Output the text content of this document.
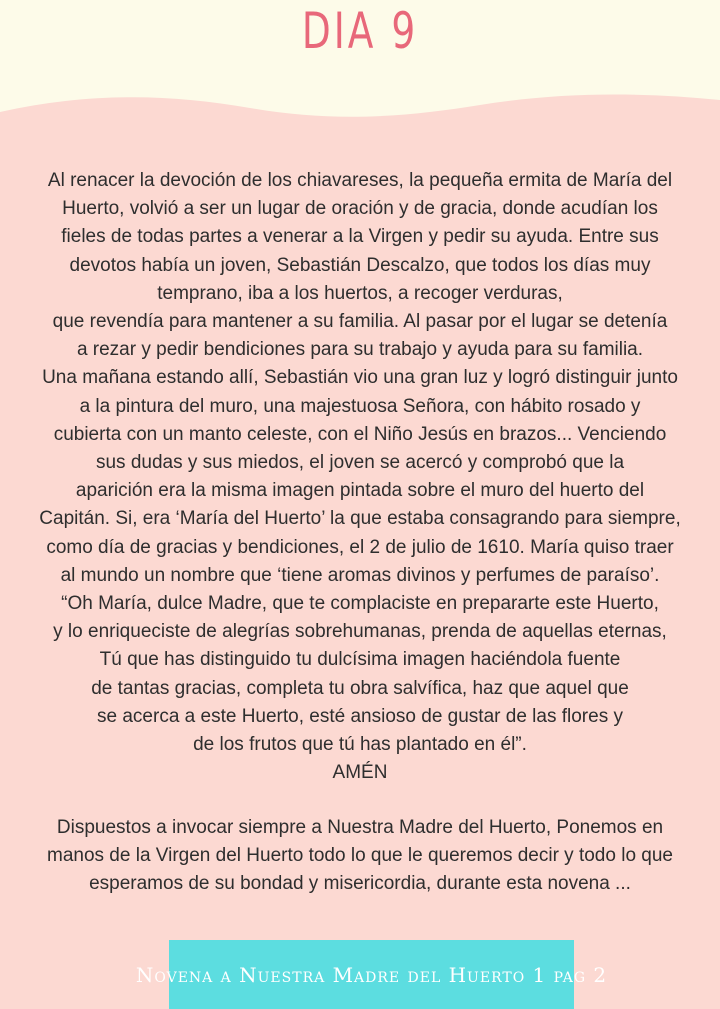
DIA 9
Al renacer la devoción de los chiavareses, la pequeña ermita de María del
Huerto, volvió a ser un lugar de oración y de gracia, donde acudían los
fieles de todas partes a venerar a la Virgen y pedir su ayuda. Entre sus
devotos había un joven, Sebastián Descalzo, que todos los días muy
temprano, iba a los huertos, a recoger verduras,
que revendía para mantener a su familia. Al pasar por el lugar se detenía
a rezar y pedir bendiciones para su trabajo y ayuda para su familia.
Una mañana estando allí, Sebastián vio una gran luz y logró distinguir junto
a la pintura del muro, una majestuosa Señora, con hábito rosado y
cubierta con un manto celeste, con el Niño Jesús en brazos... Venciendo
sus dudas y sus miedos, el joven se acercó y comprobó que la
aparición era la misma imagen pintada sobre el muro del huerto del
Capitán. Si, era ‘María del Huerto’ la que estaba consagrando para siempre,
como día de gracias y bendiciones, el 2 de julio de 1610. María quiso traer
al mundo un nombre que ‘tiene aromas divinos y perfumes de paraíso’.
“Oh María, dulce Madre, que te complaciste en prepararte este Huerto,
y lo enriqueciste de alegrías sobrehumanas, prenda de aquellas eternas,
Tú que has distinguido tu dulcísima imagen haciéndola fuente
de tantas gracias, completa tu obra salvífica, haz que aquel que
se acerca a este Huerto, esté ansioso de gustar de las flores y
de los frutos que tú has plantado en él”.
AMÉN
Dispuestos a invocar siempre a Nuestra Madre del Huerto, Ponemos en
manos de la Virgen del Huerto todo lo que le queremos decir y todo lo que
esperamos de su bondad y misericordia, durante esta novena ...
Novena a Nuestra Madre del Huerto 1 pag 2
